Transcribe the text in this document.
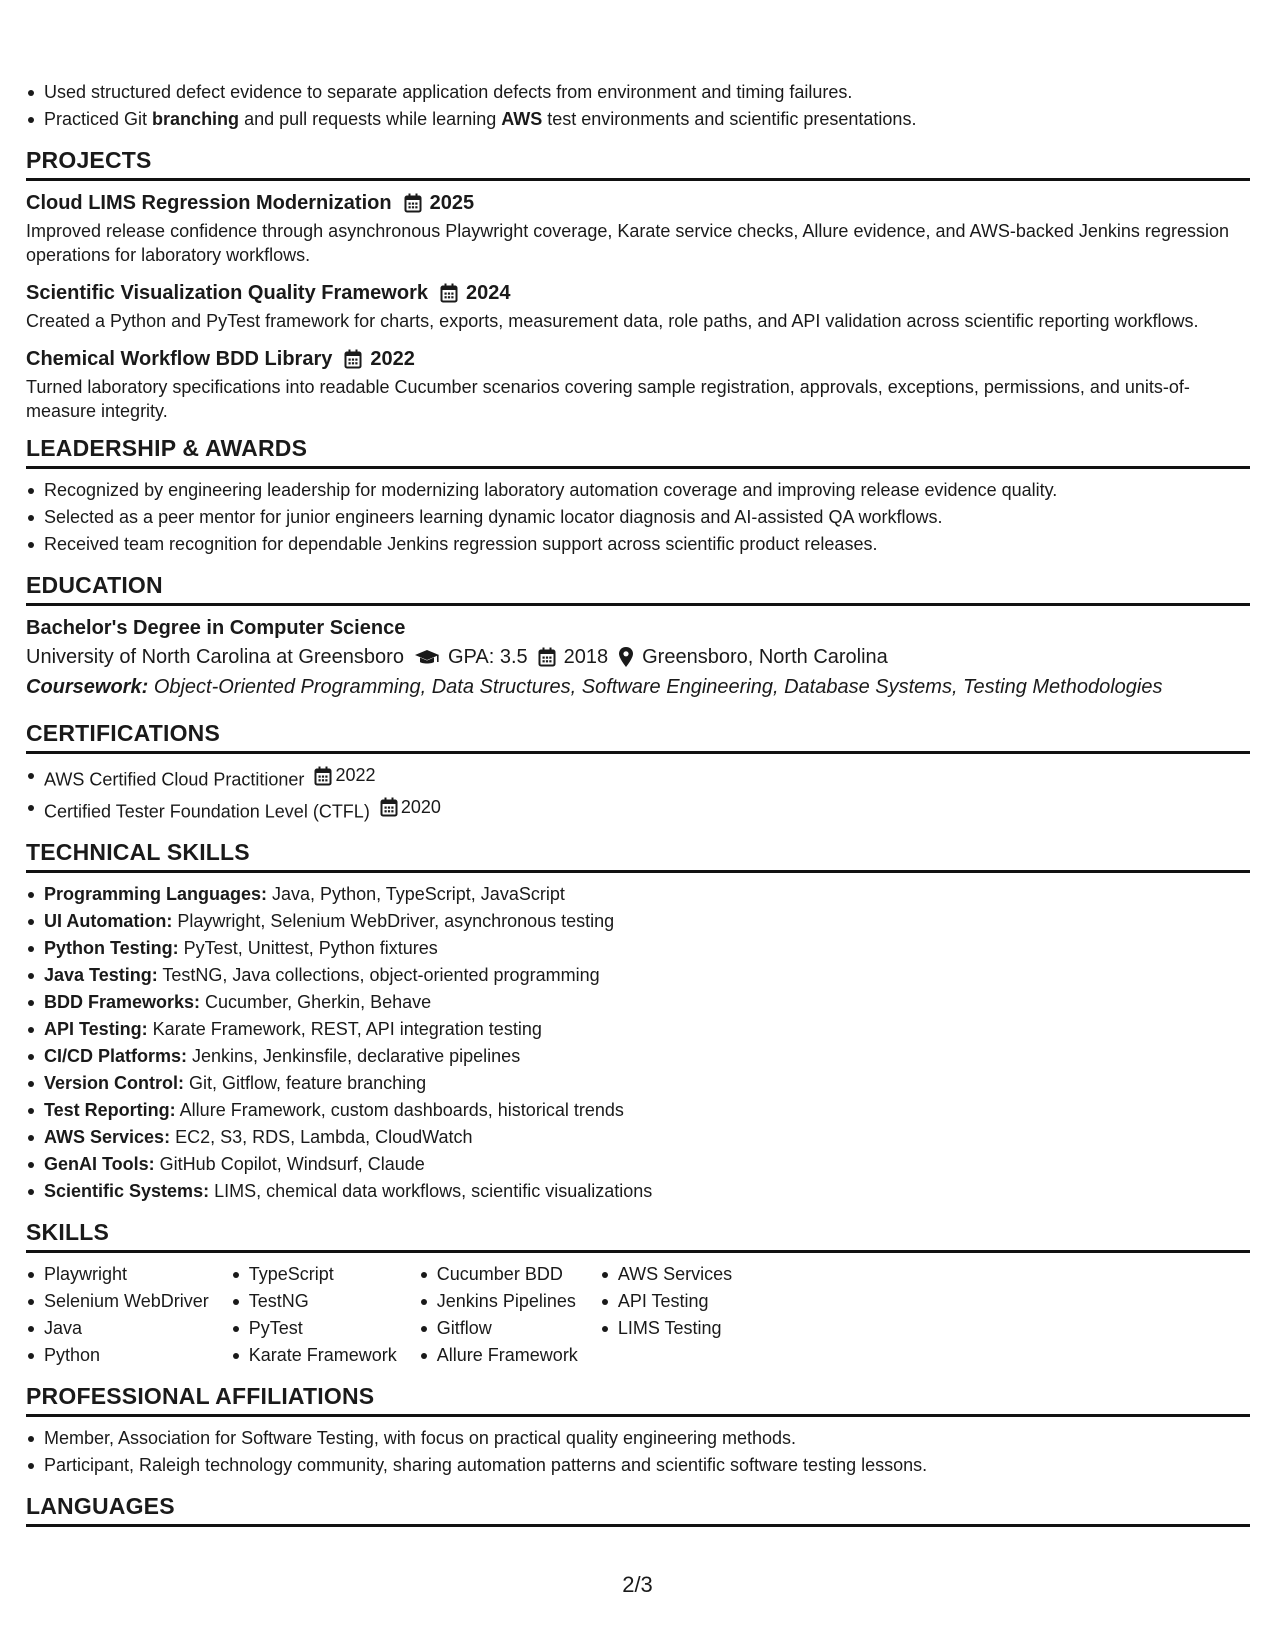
Used structured defect evidence to separate application defects from environment and timing failures.
Practiced Git branching and pull requests while learning AWS test environments and scientific presentations.
PROJECTS
Cloud LIMS Regression Modernization 2025
Improved release confidence through asynchronous Playwright coverage, Karate service checks, Allure evidence, and AWS-backed Jenkins regression operations for laboratory workflows.
Scientific Visualization Quality Framework 2024
Created a Python and PyTest framework for charts, exports, measurement data, role paths, and API validation across scientific reporting workflows.
Chemical Workflow BDD Library 2022
Turned laboratory specifications into readable Cucumber scenarios covering sample registration, approvals, exceptions, permissions, and units-of-measure integrity.
LEADERSHIP & AWARDS
Recognized by engineering leadership for modernizing laboratory automation coverage and improving release evidence quality.
Selected as a peer mentor for junior engineers learning dynamic locator diagnosis and AI-assisted QA workflows.
Received team recognition for dependable Jenkins regression support across scientific product releases.
EDUCATION
Bachelor's Degree in Computer Science
University of North Carolina at Greensboro GPA: 3.5 2018 Greensboro, North Carolina
Coursework: Object-Oriented Programming, Data Structures, Software Engineering, Database Systems, Testing Methodologies
CERTIFICATIONS
AWS Certified Cloud Practitioner 2022
Certified Tester Foundation Level (CTFL) 2020
TECHNICAL SKILLS
Programming Languages: Java, Python, TypeScript, JavaScript
UI Automation: Playwright, Selenium WebDriver, asynchronous testing
Python Testing: PyTest, Unittest, Python fixtures
Java Testing: TestNG, Java collections, object-oriented programming
BDD Frameworks: Cucumber, Gherkin, Behave
API Testing: Karate Framework, REST, API integration testing
CI/CD Platforms: Jenkins, Jenkinsfile, declarative pipelines
Version Control: Git, Gitflow, feature branching
Test Reporting: Allure Framework, custom dashboards, historical trends
AWS Services: EC2, S3, RDS, Lambda, CloudWatch
GenAI Tools: GitHub Copilot, Windsurf, Claude
Scientific Systems: LIMS, chemical data workflows, scientific visualizations
SKILLS
Playwright
Selenium WebDriver
Java
Python
TypeScript
TestNG
PyTest
Karate Framework
Cucumber BDD
Jenkins Pipelines
Gitflow
Allure Framework
AWS Services
API Testing
LIMS Testing
PROFESSIONAL AFFILIATIONS
Member, Association for Software Testing, with focus on practical quality engineering methods.
Participant, Raleigh technology community, sharing automation patterns and scientific software testing lessons.
LANGUAGES
2/3
